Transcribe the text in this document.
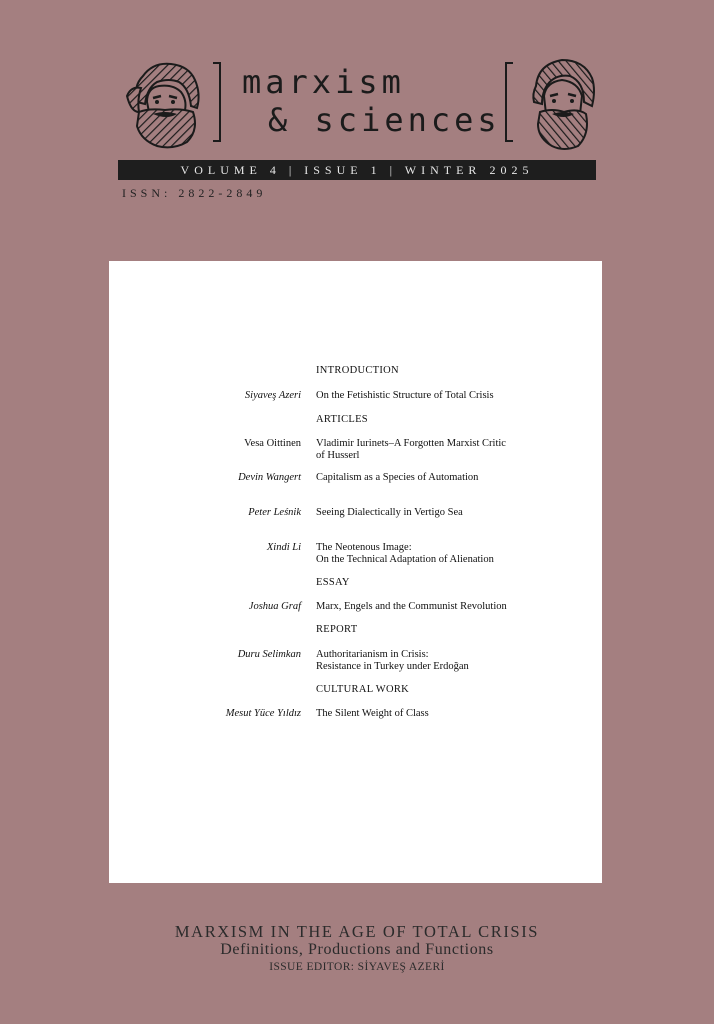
marxism
& sciences
VOLUME 4 | ISSUE 1 | WINTER 2025
ISSN: 2822-2849
INTRODUCTION
Siyaveş Azeri On the Fetishistic Structure of Total Crisis
ARTICLES
Vesa Oittinen Vladimir Iurinets–A Forgotten Marxist Critic
of Husserl
Devin Wangert Capitalism as a Species of Automation
Peter Leśnik Seeing Dialectically in Vertigo Sea
Xindi Li The Neotenous Image:
On the Technical Adaptation of Alienation
ESSAY
Joshua Graf Marx, Engels and the Communist Revolution
REPORT
Duru Selimkan Authoritarianism in Crisis:
Resistance in Turkey under Erdoğan
CULTURAL WORK
Mesut Yüce Yıldız The Silent Weight of Class
MARXISM IN THE AGE OF TOTAL CRISIS
Definitions, Productions and Functions
ISSUE EDITOR: SİYAVEŞ AZERİ
